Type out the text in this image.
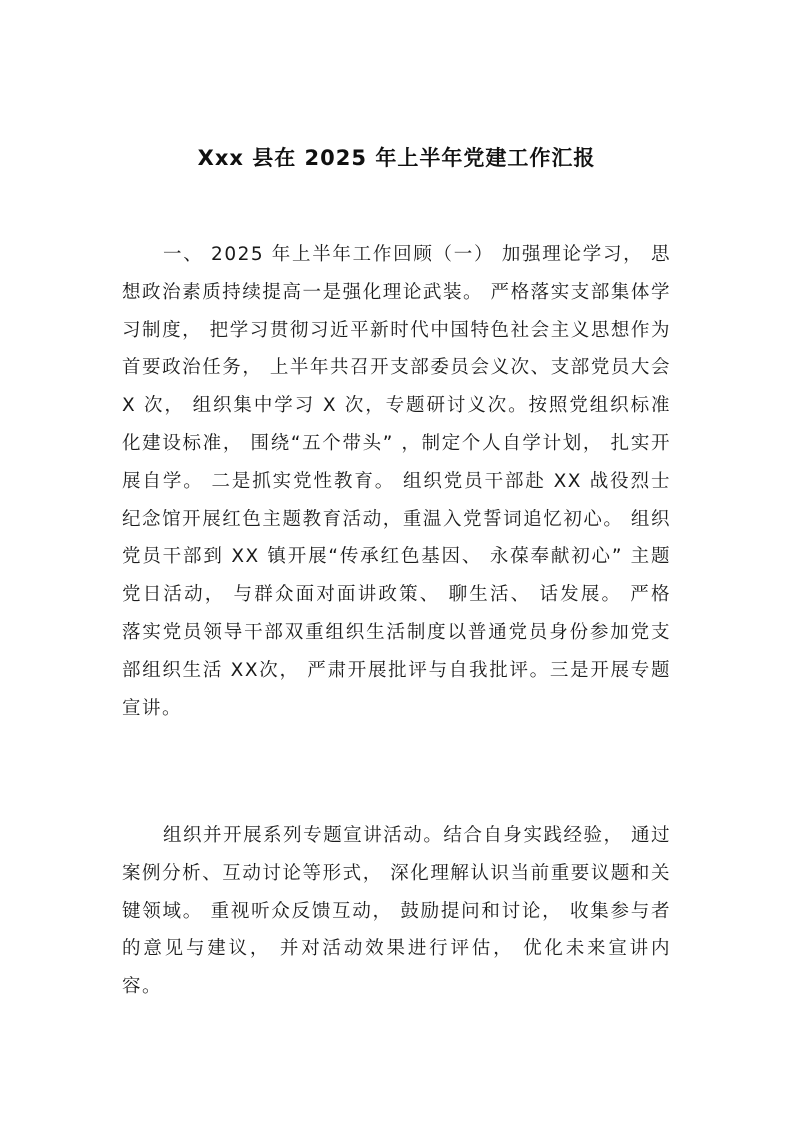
Xxx 县在 2025 年上半年党建工作汇报

一、 2025 年上半年工作回顾（一） 加强理论学习， 思想政治素质持续提高一是强化理论武装。 严格落实支部集体学习制度， 把学习贯彻习近平新时代中国特色社会主义思想作为首要政治任务， 上半年共召开支部委员会义次、支部党员大会 X 次， 组织集中学习 X 次，专题研讨义次。按照党组织标准化建设标准， 围绕“五个带头” ，制定个人自学计划， 扎实开展自学。 二是抓实党性教育。 组织党员干部赴 XX 战役烈士纪念馆开展红色主题教育活动，重温入党誓词追忆初心。 组织党员干部到 XX 镇开展“传承红色基因、 永葆奉献初心” 主题党日活动， 与群众面对面讲政策、 聊生活、 话发展。 严格落实党员领导干部双重组织生活制度以普通党员身份参加党支部组织生活 XX次， 严肃开展批评与自我批评。三是开展专题宣讲。

组织并开展系列专题宣讲活动。结合自身实践经验， 通过案例分析、互动讨论等形式， 深化理解认识当前重要议题和关键领域。 重视听众反馈互动， 鼓励提问和讨论， 收集参与者的意见与建议， 并对活动效果进行评估， 优化未来宣讲内容。
